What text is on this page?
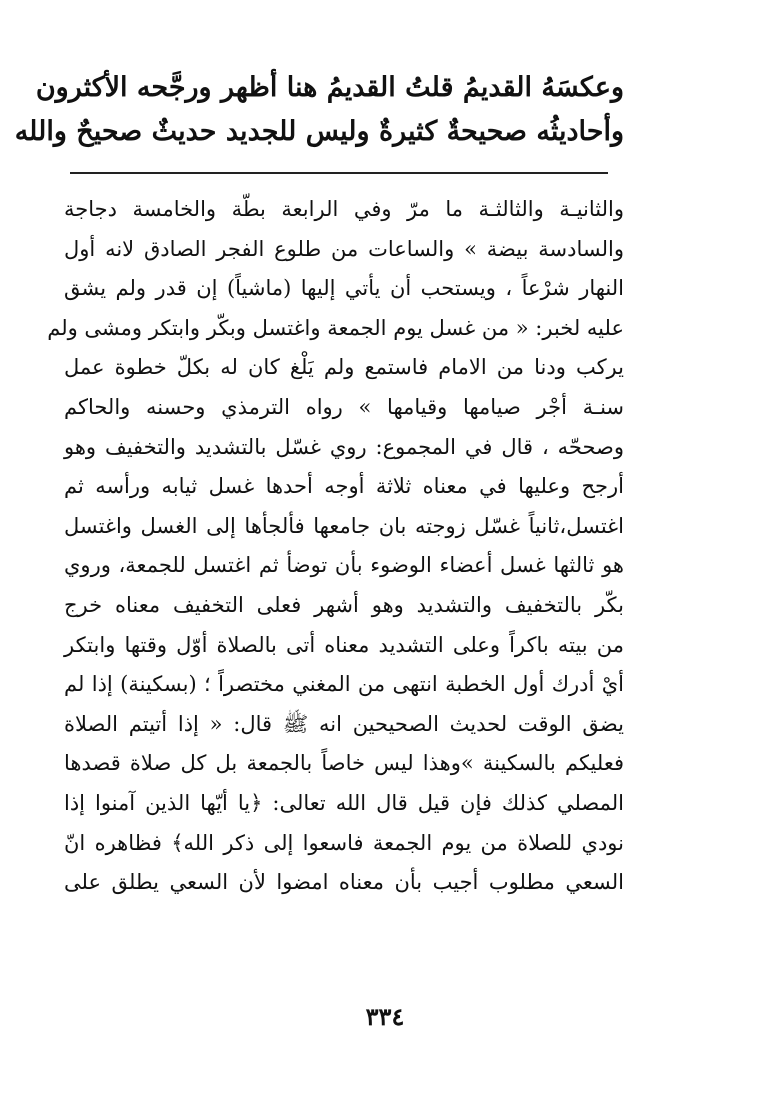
وعكسَهُ القديمُ قلتُ القديمُ هنا أظهر ورجَّحه الأكثرون
وأحاديثُه صحيحةٌ كثيرةٌ وليس للجديد حديثٌ صحيحٌ والله
والثانيـة والثالثـة ما مرّ وفي الرابعة بطّة والخامسة دجاجة
والسادسة بيضة » والساعات من طلوع الفجر الصادق لانه أول
النهار شرْعاً ، ويستحب أن يأتي إليها (ماشياً) إن قدر ولم يشق
عليه لخبر: « من غسل يوم الجمعة واغتسل وبكّر وابتكر ومشى ولم
يركب ودنا من الامام فاستمع ولم يَلْغ كان له بكلّ خطوة عمل
سنـة أجْر صيامها وقيامها » رواه الترمذي وحسنه والحاكم
وصححّه ، قال في المجموع: روي غسّل بالتشديد والتخفيف وهو
أرجح وعليها في معناه ثلاثة أوجه أحدها غسل ثيابه ورأسه ثم
اغتسل،ثانياً غسّل زوجته بان جامعها فألجأها إلى الغسل واغتسل
هو ثالثها غسل أعضاء الوضوء بأن توضأ ثم اغتسل للجمعة، وروي
بكّر بالتخفيف والتشديد وهو أشهر فعلى التخفيف معناه خرج
من بيته باكراً وعلى التشديد معناه أتى بالصلاة أوّل وقتها وابتكر
أيْ أدرك أول الخطبة انتهى من المغني مختصراً ؛ (بسكينة) إذا لم
يضق الوقت لحديث الصحيحين انه ﷺ قال: « إذا أتيتم الصلاة
فعليكم بالسكينة »وهذا ليس خاصاً بالجمعة بل كل صلاة قصدها
المصلي كذلك فإن قيل قال الله تعالى: ﴿يا أيّها الذين آمنوا إذا
نودي للصلاة من يوم الجمعة فاسعوا إلى ذكر الله﴾ فظاهره انّ
السعي مطلوب أجيب بأن معناه امضوا لأن السعي يطلق على
٣٣٤
